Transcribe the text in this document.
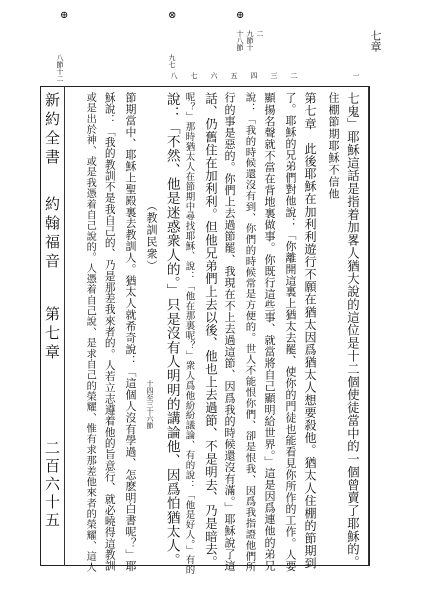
⊕	⊗	⊕
七章
七鬼」耶穌這話是指着加畧人猶大說的這位是十二個使徒當中的一個曾賣了耶穌的。
住棚節期耶穌不信他
第七章　此後耶穌在加利利遊行不願在猶太因爲猶太人想要殺他。猶太人住棚的節期到
了。耶穌的兄弟們對他說：「你離開這裏上猶太去罷、使你的門徒也能看見你所作的工作。人要
顯揚名聲就不當在背地裏做事。你既行這些事、就當將自己顯明給世界。」這是因爲連他的弟兄
說：「我的時候還沒有到、你們的時候常是方便的。世人不能恨你們、卻是恨我、因爲我指證他們所
行的事是惡的。你們上去過節罷、我現在不上去過這節、因爲我的時候還沒有滿。」耶穌說了這
話、仍舊住在加利利。但他兄弟們上去以後、他也上去過節、不是明去、乃是暗去。
呢？」那時猶太人在節期中尋找耶穌、說：「他在那裏呢？」衆人爲他紛紛議論、有的說：「他是好人。」有的
說：「不然、他是迷惑衆人的。」只是沒有人明明的講論他、因爲怕猶太人。
（教訓民衆）
節期當中、耶穌上聖殿裏去教訓人。猶太人就希奇說：「這個人沒有學過、怎麽明白書呢？」耶
穌說：「我的教訓不是我自己的、乃是那差我來者的。人若立志遵着他的旨意行、就必曉得這教訓
或是出於神、或是我憑着自己說的。人憑着自己說、是求自己的榮耀、惟有求那差他來者的榮耀、這人
新約全書
約翰福音
第七章
二百六十五
一
二
三
四
五
六
七
八
十四至三十六節
八節十二	九七
十八節 九節十 二
